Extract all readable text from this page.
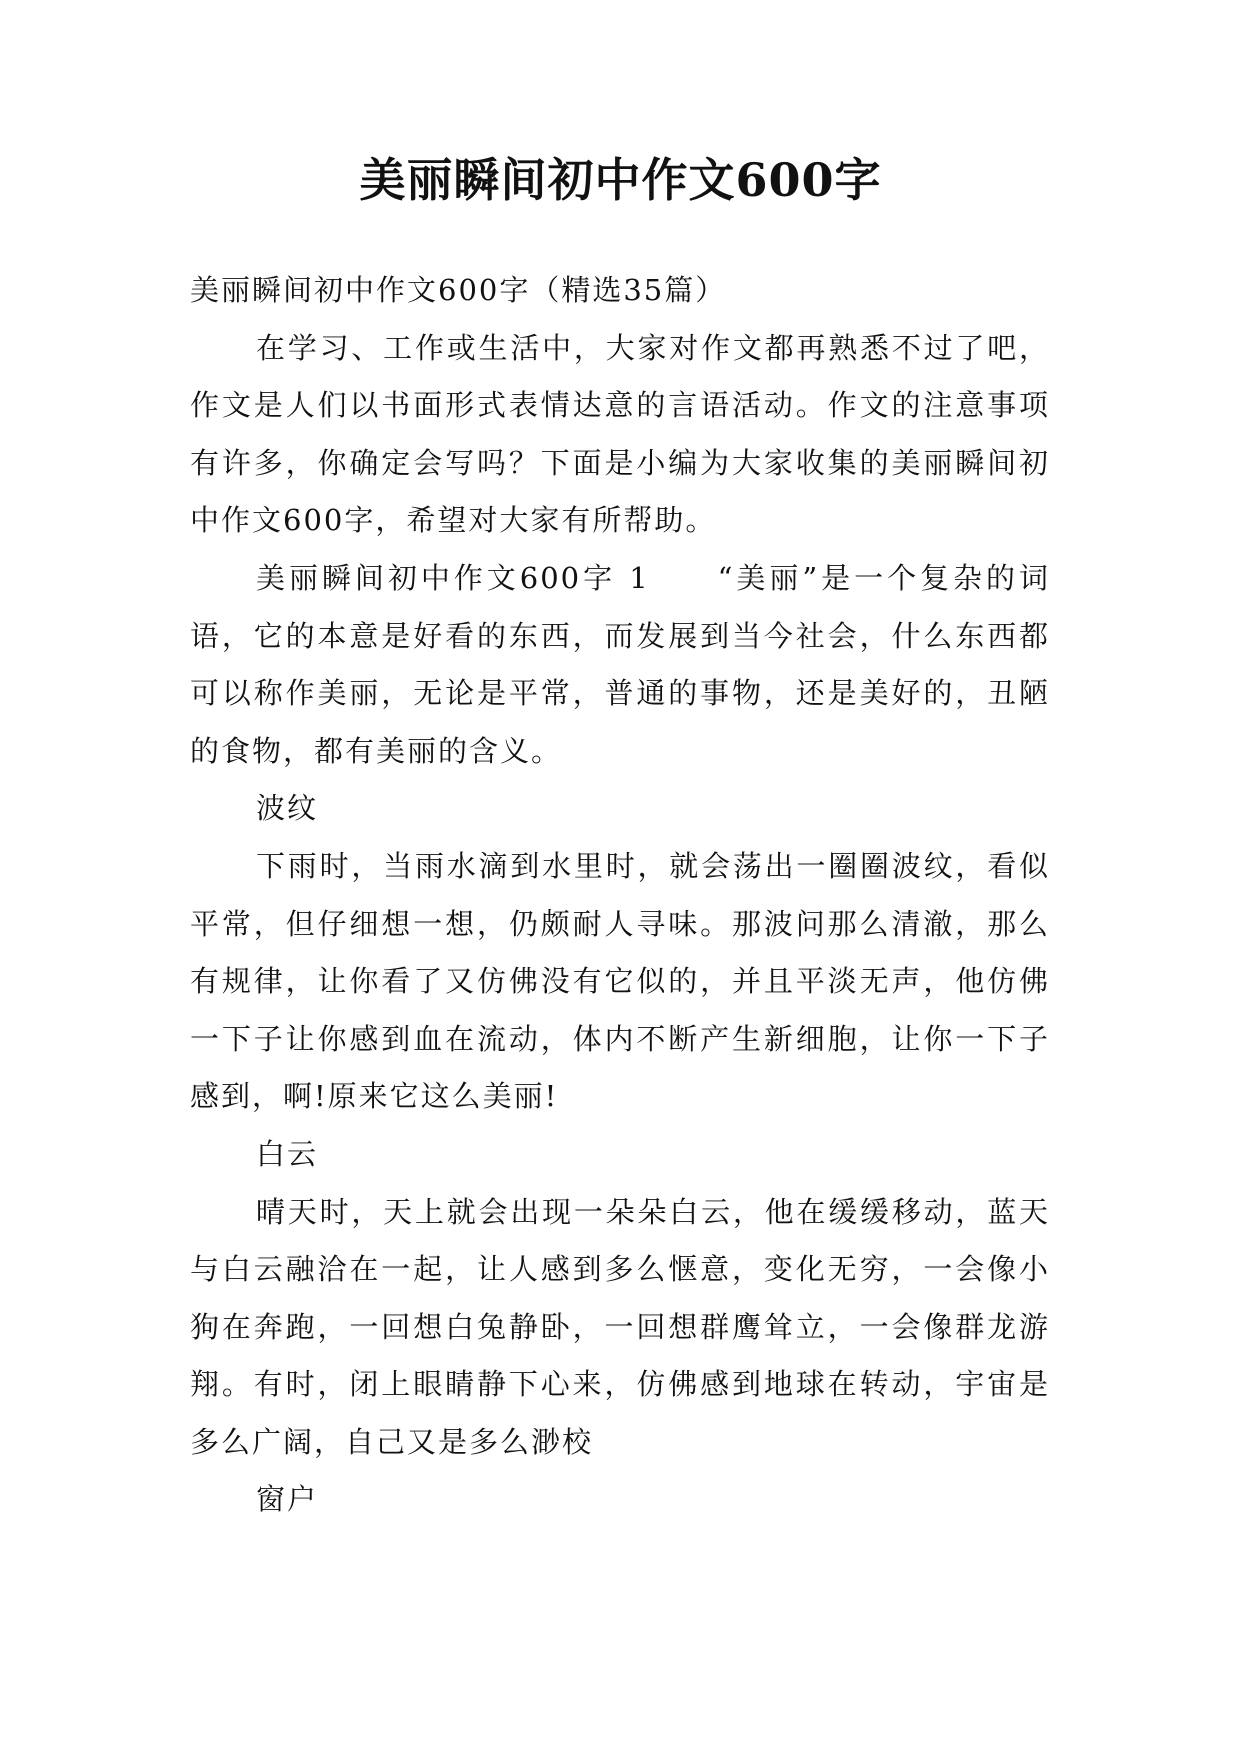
美丽瞬间初中作文600字

美丽瞬间初中作文600字（精选35篇）

在学习、工作或生活中，大家对作文都再熟悉不过了吧，作文是人们以书面形式表情达意的言语活动。作文的注意事项有许多，你确定会写吗？下面是小编为大家收集的美丽瞬间初中作文600字，希望对大家有所帮助。

美丽瞬间初中作文600字 1　　“美丽”是一个复杂的词语，它的本意是好看的东西，而发展到当今社会，什么东西都可以称作美丽，无论是平常，普通的事物，还是美好的，丑陋的食物，都有美丽的含义。

波纹

下雨时，当雨水滴到水里时，就会荡出一圈圈波纹，看似平常，但仔细想一想，仍颇耐人寻味。那波问那么清澈，那么有规律，让你看了又仿佛没有它似的，并且平淡无声，他仿佛一下子让你感到血在流动，体内不断产生新细胞，让你一下子感到，啊!原来它这么美丽!

白云

晴天时，天上就会出现一朵朵白云，他在缓缓移动，蓝天与白云融洽在一起，让人感到多么惬意，变化无穷，一会像小狗在奔跑，一回想白兔静卧，一回想群鹰耸立，一会像群龙游翔。有时，闭上眼睛静下心来，仿佛感到地球在转动，宇宙是多么广阔，自己又是多么渺校

窗户
